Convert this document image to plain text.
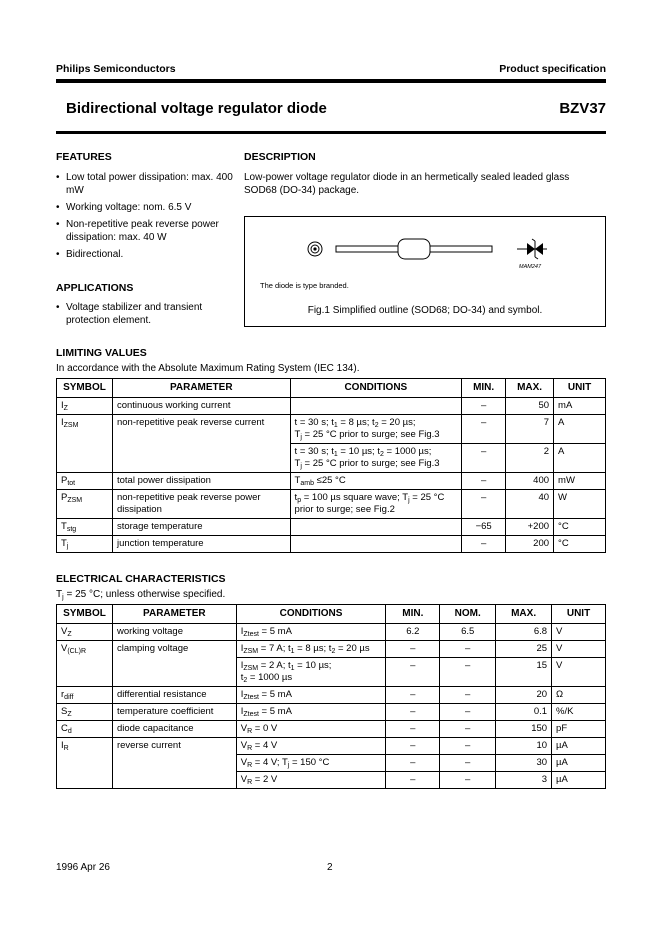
Philips Semiconductors	Product specification
Bidirectional voltage regulator diode	BZV37
FEATURES
• Low total power dissipation: max. 400 mW
• Working voltage: nom. 6.5 V
• Non-repetitive peak reverse power dissipation: max. 40 W
• Bidirectional.
APPLICATIONS
• Voltage stabilizer and transient protection element.
DESCRIPTION
Low-power voltage regulator diode in an hermetically sealed leaded glass SOD68 (DO-34) package.
MAM247
The diode is type branded.
Fig.1 Simplified outline (SOD68; DO-34) and symbol.
LIMITING VALUES
In accordance with the Absolute Maximum Rating System (IEC 134).
SYMBOL	PARAMETER	CONDITIONS	MIN.	MAX.	UNIT
$I_Z$	continuous working current		–	50	mA
$I_{ZSM}$	non-repetitive peak reverse current	t = 30 s; $t_1 = 8$ µs; $t_2 = 20$ µs;
$T_j = 25$ °C prior to surge; see Fig.3	–	7	A
		t = 30 s; $t_1 = 10$ µs; $t_2 = 1000$ µs;
$T_j = 25$ °C prior to surge; see Fig.3	–	2	A
$P_{tot}$	total power dissipation	$T_{amb} \le 25$ °C	–	400	mW
$P_{ZSM}$	non-repetitive peak reverse power dissipation	$t_p = 100$ µs square wave; $T_j = 25$ °C prior to surge; see Fig.2	–	40	W
$T_{stg}$	storage temperature		−65	+200	°C
$T_j$	junction temperature		–	200	°C
ELECTRICAL CHARACTERISTICS
$T_j = 25$ °C; unless otherwise specified.
SYMBOL	PARAMETER	CONDITIONS	MIN.	NOM.	MAX.	UNIT
$V_Z$	working voltage	$I_{Ztest} = 5$ mA	6.2	6.5	6.8	V
$V_{(CL)R}$	clamping voltage	$I_{ZSM} = 7$ A; $t_1 = 8$ µs; $t_2 = 20$ µs	–	–	25	V
		$I_{ZSM} = 2$ A; $t_1 = 10$ µs;
$t_2 = 1000$ µs	–	–	15	V
$r_{diff}$	differential resistance	$I_{Ztest} = 5$ mA	–	–	20	Ω
$S_Z$	temperature coefficient	$I_{Ztest} = 5$ mA	–	–	0.1	%/K
$C_d$	diode capacitance	$V_R = 0$ V	–	–	150	pF
$I_R$	reverse current	$V_R = 4$ V	–	–	10	µA
		$V_R = 4$ V; $T_j = 150$ °C	–	–	30	µA
		$V_R = 2$ V	–	–	3	µA
1996 Apr 26	2
